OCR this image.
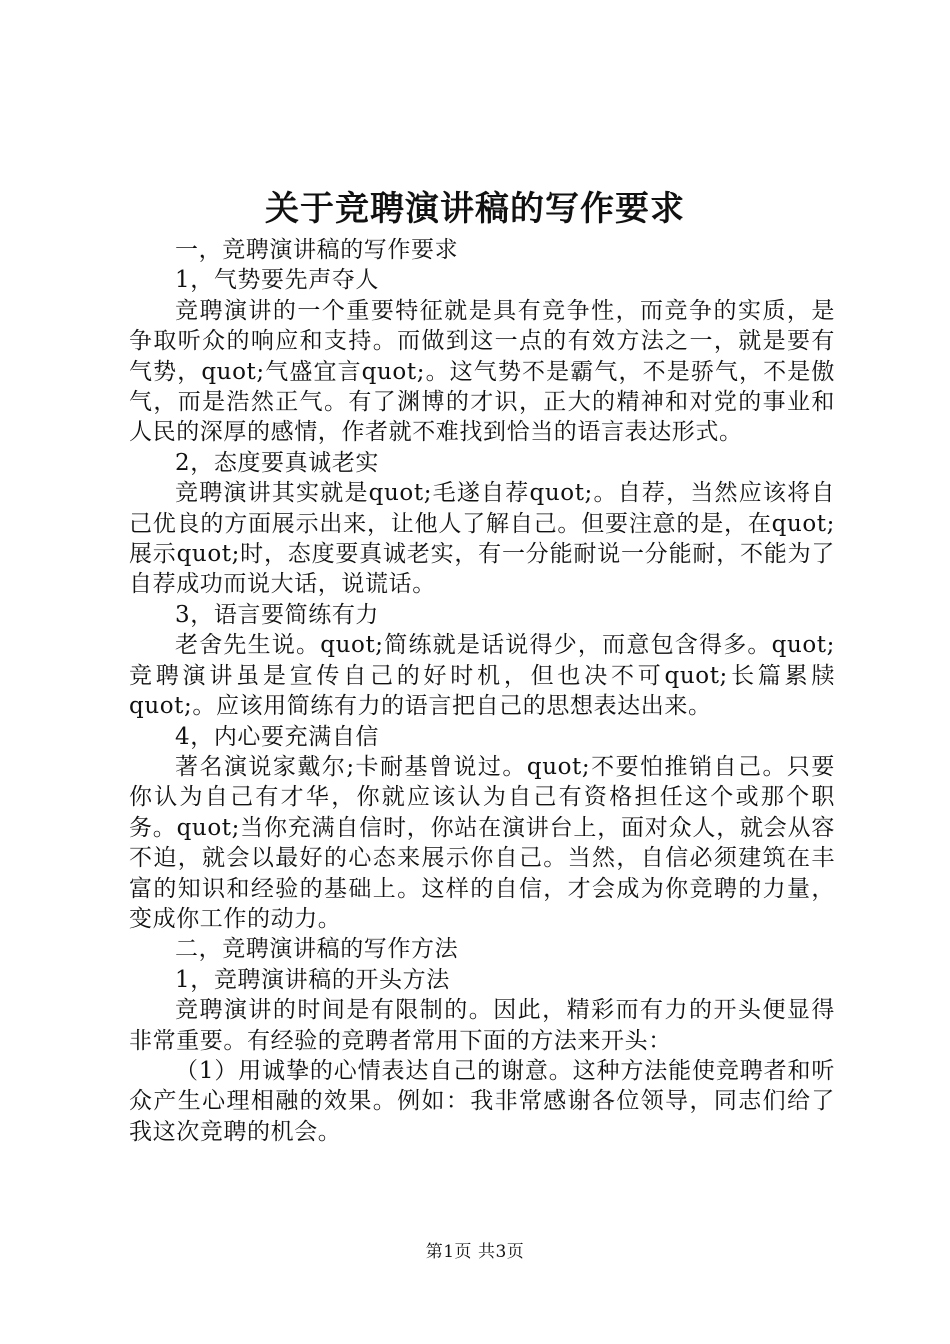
关于竞聘演讲稿的写作要求

一，竞聘演讲稿的写作要求

1，气势要先声夺人

竞聘演讲的一个重要特征就是具有竞争性，而竞争的实质，是争取听众的响应和支持。而做到这一点的有效方法之一，就是要有气势，quot;气盛宜言quot;。这气势不是霸气，不是骄气，不是傲气，而是浩然正气。有了渊博的才识，正大的精神和对党的事业和人民的深厚的感情，作者就不难找到恰当的语言表达形式。

2，态度要真诚老实

竞聘演讲其实就是quot;毛遂自荐quot;。自荐，当然应该将自己优良的方面展示出来，让他人了解自己。但要注意的是，在quot;展示quot;时，态度要真诚老实，有一分能耐说一分能耐，不能为了自荐成功而说大话，说谎话。

3，语言要简练有力

老舍先生说。quot;简练就是话说得少，而意包含得多。quot;竞聘演讲虽是宣传自己的好时机，但也决不可quot;长篇累牍quot;。应该用简练有力的语言把自己的思想表达出来。

4，内心要充满自信

著名演说家戴尔;卡耐基曾说过。quot;不要怕推销自己。只要你认为自己有才华，你就应该认为自己有资格担任这个或那个职务。quot;当你充满自信时，你站在演讲台上，面对众人，就会从容不迫，就会以最好的心态来展示你自己。当然，自信必须建筑在丰富的知识和经验的基础上。这样的自信，才会成为你竞聘的力量，变成你工作的动力。

二，竞聘演讲稿的写作方法

1，竞聘演讲稿的开头方法

竞聘演讲的时间是有限制的。因此，精彩而有力的开头便显得非常重要。有经验的竞聘者常用下面的方法来开头：

（1）用诚挚的心情表达自己的谢意。这种方法能使竞聘者和听众产生心理相融的效果。例如：我非常感谢各位领导，同志们给了我这次竞聘的机会。

第1页 共3页
